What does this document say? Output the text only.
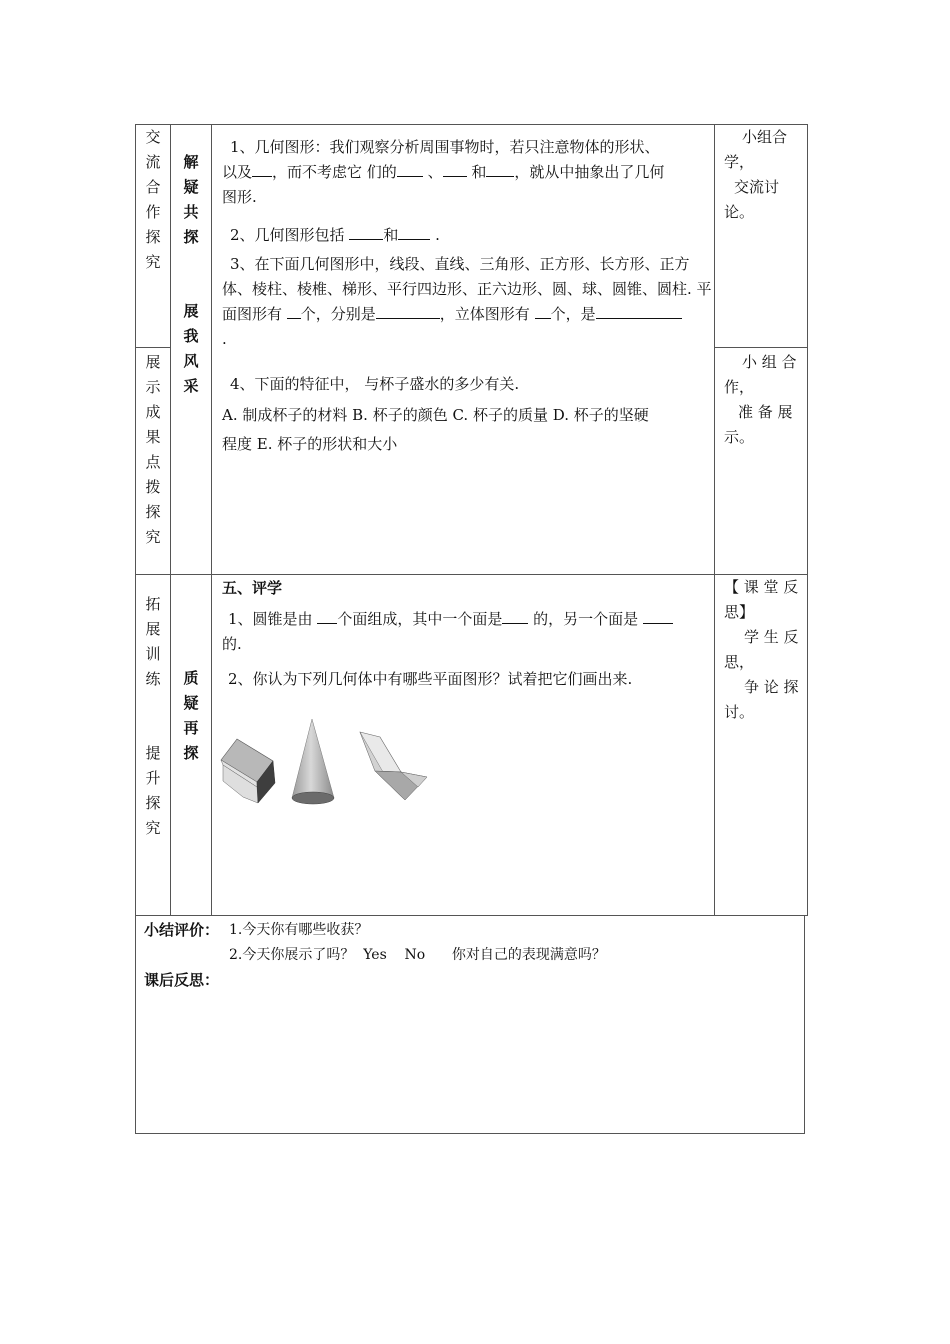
交
流
合
作
探
究
解
疑
共
探
展
我
风
采
1、几何图形：我们观察分析周围事物时，若只注意物体的形状、
以及 ，而不考虑它 们的 、 和 ，就从中抽象出了几何
图形.
2、几何图形包括 和 .
3、在下面几何图形中，线段、直线、三角形、正方形、长方形、正方
体、棱柱、棱椎、梯形、平行四边形、正六边形、圆、球、圆锥、圆柱. 平
面图形有 个，分别是	，立体图形有 个，是
.
小组合
学，
交流讨
论。
展
示
成
果
点
拨
探
究
4、下面的特征中， 与杯子盛水的多少有关.
A. 制成杯子的材料 B. 杯子的颜色 C. 杯子的质量 D. 杯子的坚硬
程度 E. 杯子的形状和大小
小 组 合
作，
准 备 展
示。
拓
展
训
练
提
升
探
究
质
疑
再
探
五、评学
1、圆锥是由 个面组成，其中一个面是 的，另一个面是
的.
2、你认为下列几何体中有哪些平面图形？试着把它们画出来.
【 课 堂 反
思】
学 生 反
思，
争 论 探
讨。
小结评价： 1.今天你有哪些收获？
2.今天你展示了吗？  Yes    No      你对自己的表现满意吗？
课后反思：
